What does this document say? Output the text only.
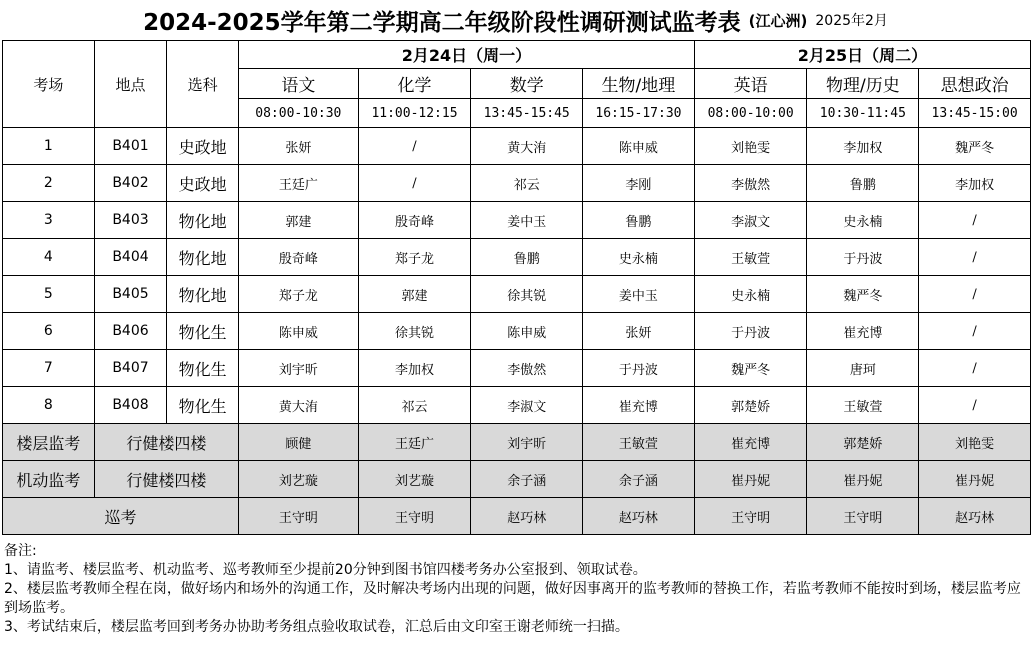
2024-2025学年第二学期高二年级阶段性调研测试监考表 (江心洲) 2025年2月
考场	地点	选科	2月24日（周一）				2月25日（周二）		
			语文	化学	数学	生物/地理	英语	物理/历史	思想政治
			08:00-10:30	11:00-12:15	13:45-15:45	16:15-17:30	08:00-10:00	10:30-11:45	13:45-15:00
1	B401	史政地	张妍	/	黄大洧	陈申威	刘艳雯	李加权	魏严冬
2	B402	史政地	王廷广	/	祁云	李刚	李傲然	鲁鹏	李加权
3	B403	物化地	郭建	殷奇峰	姜中玉	鲁鹏	李淑文	史永楠	/
4	B404	物化地	殷奇峰	郑子龙	鲁鹏	史永楠	王敏萱	于丹波	/
5	B405	物化地	郑子龙	郭建	徐其锐	姜中玉	史永楠	魏严冬	/
6	B406	物化生	陈申威	徐其锐	陈申威	张妍	于丹波	崔充博	/
7	B407	物化生	刘宇昕	李加权	李傲然	于丹波	魏严冬	唐珂	/
8	B408	物化生	黄大洧	祁云	李淑文	崔充博	郭楚娇	王敏萱	/
楼层监考	行健楼四楼		顾健	王廷广	刘宇昕	王敏萱	崔充博	郭楚娇	刘艳雯
机动监考	行健楼四楼		刘艺璇	刘艺璇	余子涵	余子涵	崔丹妮	崔丹妮	崔丹妮
巡考			王守明	王守明	赵巧林	赵巧林	王守明	王守明	赵巧林
备注:
1、请监考、楼层监考、机动监考、巡考教师至少提前20分钟到图书馆四楼考务办公室报到、领取试卷。
2、楼层监考教师全程在岗，做好场内和场外的沟通工作，及时解决考场内出现的问题，做好因事离开的监考教师的替换工作，若监考教师不能按时到场，楼层监考应到场监考。
3、考试结束后，楼层监考回到考务办协助考务组点验收取试卷，汇总后由文印室王谢老师统一扫描。
